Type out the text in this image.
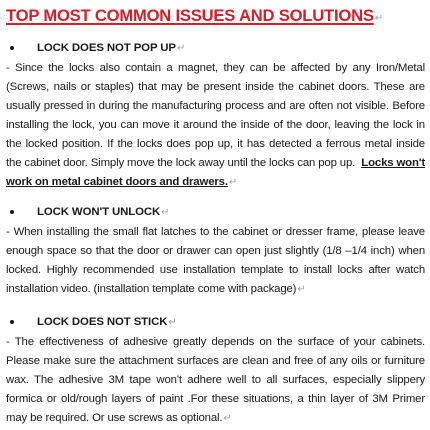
TOP MOST COMMON ISSUES AND SOLUTIONS↵
LOCK DOES NOT POP UP↵
- Since the locks also contain a magnet, they can be affected by any Iron/Metal (Screws, nails or staples) that may be present inside the cabinet doors. These are usually pressed in during the manufacturing process and are often not visible. Before installing the lock, you can move it around the inside of the door, leaving the lock in the locked position. If the locks does pop up, it has detected a ferrous metal inside the cabinet door. Simply move the lock away until the locks can pop up. Locks won't work on metal cabinet doors and drawers.↵
LOCK WON'T UNLOCK↵
- When installing the small flat latches to the cabinet or dresser frame, please leave enough space so that the door or drawer can open just slightly (1/8 –1/4 inch) when locked. Highly recommended use installation template to install locks after watch installation video. (installation template come with package)↵
LOCK DOES NOT STICK↵
- The effectiveness of adhesive greatly depends on the surface of your cabinets. Please make sure the attachment surfaces are clean and free of any oils or furniture wax. The adhesive 3M tape won't adhere well to all surfaces, especially slippery formica or old/rough layers of paint .For these situations, a thin layer of 3M Primer may be required. Or use screws as optional.↵
